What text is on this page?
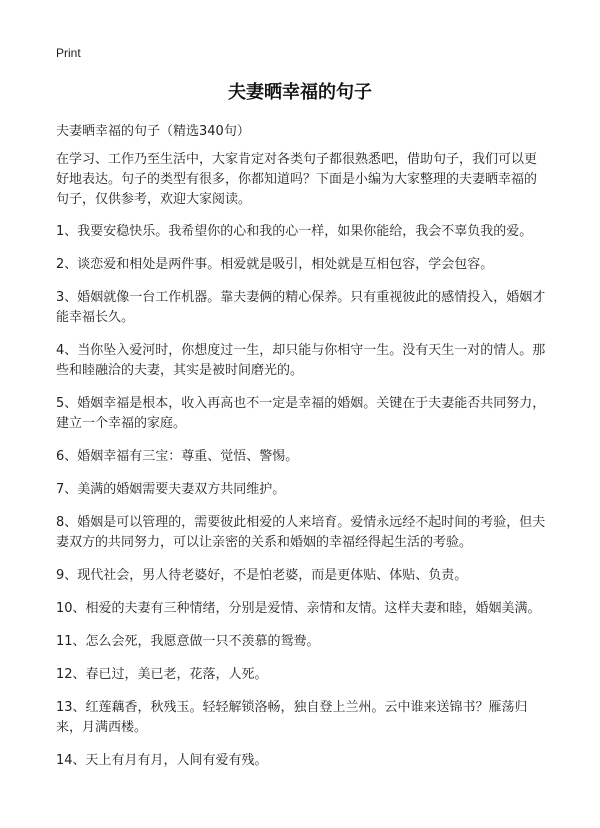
Print
夫妻晒幸福的句子
夫妻晒幸福的句子（精选340句）

在学习、工作乃至生活中，大家肯定对各类句子都很熟悉吧，借助句子，我们可以更好地表达。句子的类型有很多，你都知道吗？下面是小编为大家整理的夫妻晒幸福的句子，仅供参考，欢迎大家阅读。

1、我要安稳快乐。我希望你的心和我的心一样，如果你能给，我会不辜负我的爱。

2、谈恋爱和相处是两件事。相爱就是吸引，相处就是互相包容，学会包容。

3、婚姻就像一台工作机器。靠夫妻俩的精心保养。只有重视彼此的感情投入，婚姻才能幸福长久。

4、当你坠入爱河时，你想度过一生，却只能与你相守一生。没有天生一对的情人。那些和睦融洽的夫妻，其实是被时间磨光的。

5、婚姻幸福是根本，收入再高也不一定是幸福的婚姻。关键在于夫妻能否共同努力，建立一个幸福的家庭。

6、婚姻幸福有三宝：尊重、觉悟、警惕。

7、美满的婚姻需要夫妻双方共同维护。

8、婚姻是可以管理的，需要彼此相爱的人来培育。爱情永远经不起时间的考验，但夫妻双方的共同努力，可以让亲密的关系和婚姻的幸福经得起生活的考验。

9、现代社会，男人待老婆好，不是怕老婆，而是更体贴、体贴、负责。

10、相爱的夫妻有三种情绪，分别是爱情、亲情和友情。这样夫妻和睦，婚姻美满。

11、怎么会死，我愿意做一只不羡慕的鸳鸯。

12、春已过，美已老，花落，人死。

13、红莲藕香，秋残玉。轻轻解锁洛畅，独自登上兰州。云中谁来送锦书？雁荡归来，月满西楼。

14、天上有月有月，人间有爱有残。
